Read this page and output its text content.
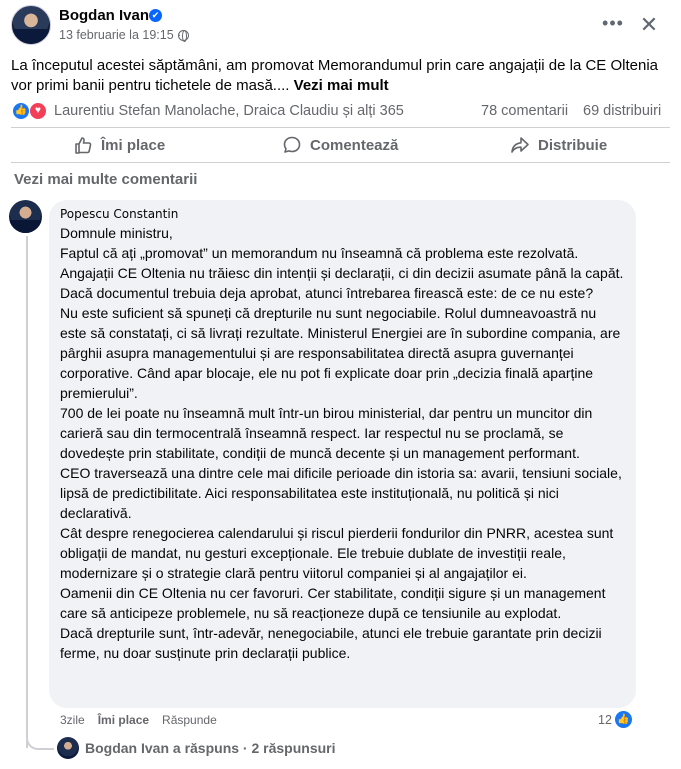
Bogdan Ivan ✔
13 februarie la 19:15 ·
••• ✕
La începutul acestei săptămâni, am promovat Memorandumul prin care angajații de la CE Oltenia vor primi banii pentru tichetele de masă.... Vezi mai mult
👍 ♥ Laurentiu Stefan Manolache, Draica Claudiu și alți 365	78 comentarii 69 distribuiri
Îmi place	Comentează	Distribuie
Vezi mai multe comentarii
Popescu Constantin

Domnule ministru,

Faptul că ați „promovat” un memorandum nu înseamnă că problema este rezolvată. Angajații CE Oltenia nu trăiesc din intenții și declarații, ci din decizii asumate până la capăt. Dacă documentul trebuia deja aprobat, atunci întrebarea firească este: de ce nu este?

Nu este suficient să spuneți că drepturile nu sunt negociabile. Rolul dumneavoastră nu este să constatați, ci să livrați rezultate. Ministerul Energiei are în subordine compania, are pârghii asupra managementului și are responsabilitatea directă asupra guvernanței corporative. Când apar blocaje, ele nu pot fi explicate doar prin „decizia finală aparține premierului”.

700 de lei poate nu înseamnă mult într-un birou ministerial, dar pentru un muncitor din carieră sau din termocentrală înseamnă respect. Iar respectul nu se proclamă, se dovedește prin stabilitate, condiții de muncă decente și un management performant.

CEO traversează una dintre cele mai dificile perioade din istoria sa: avarii, tensiuni sociale, lipsă de predictibilitate. Aici responsabilitatea este instituțională, nu politică și nici declarativă.

Cât despre renegocierea calendarului și riscul pierderii fondurilor din PNRR, acestea sunt obligații de mandat, nu gesturi excepționale. Ele trebuie dublate de investiții reale, modernizare și o strategie clară pentru viitorul companiei și al angajaților ei.

Oamenii din CE Oltenia nu cer favoruri. Cer stabilitate, condiții sigure și un management care să anticipeze problemele, nu să reacționeze după ce tensiunile au explodat.

Dacă drepturile sunt, într-adevăr, nenegociabile, atunci ele trebuie garantate prin decizii ferme, nu doar susținute prin declarații publice.

3zile Îmi place Răspunde	12 👍
Bogdan Ivan a răspuns · 2 răspunsuri
